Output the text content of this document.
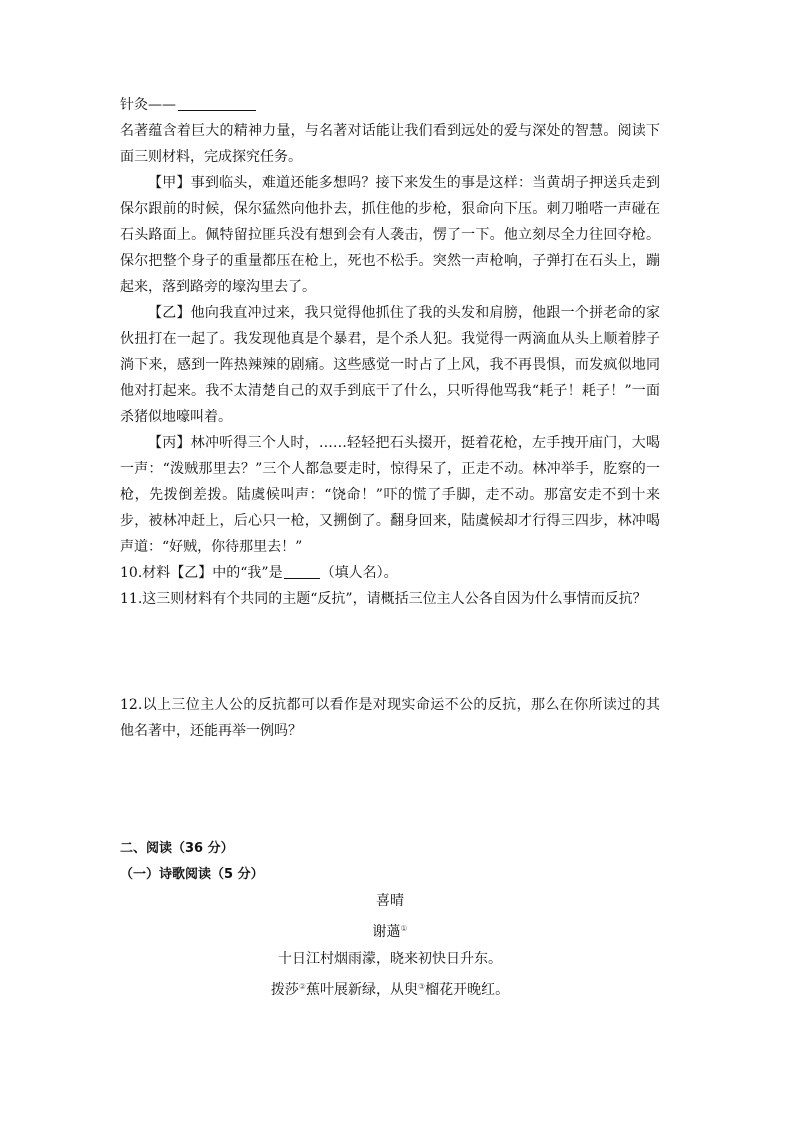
针灸——
名著蕴含着巨大的精神力量，与名著对话能让我们看到远处的爱与深处的智慧。阅读下面三则材料，完成探究任务。
【甲】事到临头，难道还能多想吗？接下来发生的事是这样：当黄胡子押送兵走到保尔跟前的时候，保尔猛然向他扑去，抓住他的步枪，狠命向下压。刺刀啪嗒一声碰在石头路面上。佩特留拉匪兵没有想到会有人袭击，愣了一下。他立刻尽全力往回夺枪。保尔把整个身子的重量都压在枪上，死也不松手。突然一声枪响，子弹打在石头上，蹦起来，落到路旁的壕沟里去了。
【乙】他向我直冲过来，我只觉得他抓住了我的头发和肩膀，他跟一个拼老命的家伙扭打在一起了。我发现他真是个暴君，是个杀人犯。我觉得一两滴血从头上顺着脖子淌下来，感到一阵热辣辣的剧痛。这些感觉一时占了上风，我不再畏惧，而发疯似地同他对打起来。我不太清楚自己的双手到底干了什么，只听得他骂我“耗子！耗子！”一面杀猪似地嚎叫着。
【丙】林冲听得三个人时，……轻轻把石头掇开，挺着花枪，左手拽开庙门，大喝一声：“泼贼那里去？”三个人都急要走时，惊得呆了，正走不动。林冲举手，肐察的一枪，先拨倒差拨。陆虞候叫声：“饶命！”吓的慌了手脚，走不动。那富安走不到十来步，被林冲赶上，后心只一枪，又搠倒了。翻身回来，陆虞候却才行得三四步，林冲喝声道：“好贼，你待那里去！”
10.材料【乙】中的“我”是	（填人名）。
11.这三则材料有个共同的主题“反抗”，请概括三位主人公各自因为什么事情而反抗？
12.以上三位主人公的反抗都可以看作是对现实命运不公的反抗，那么在你所读过的其他名著中，还能再举一例吗？
二、阅读（36 分）
（一）诗歌阅读（5 分）
喜晴
谢薖①
十日江村烟雨濛，晓来初快日升东。
拨莎②蕉叶展新绿，从臾③榴花开晚红。
